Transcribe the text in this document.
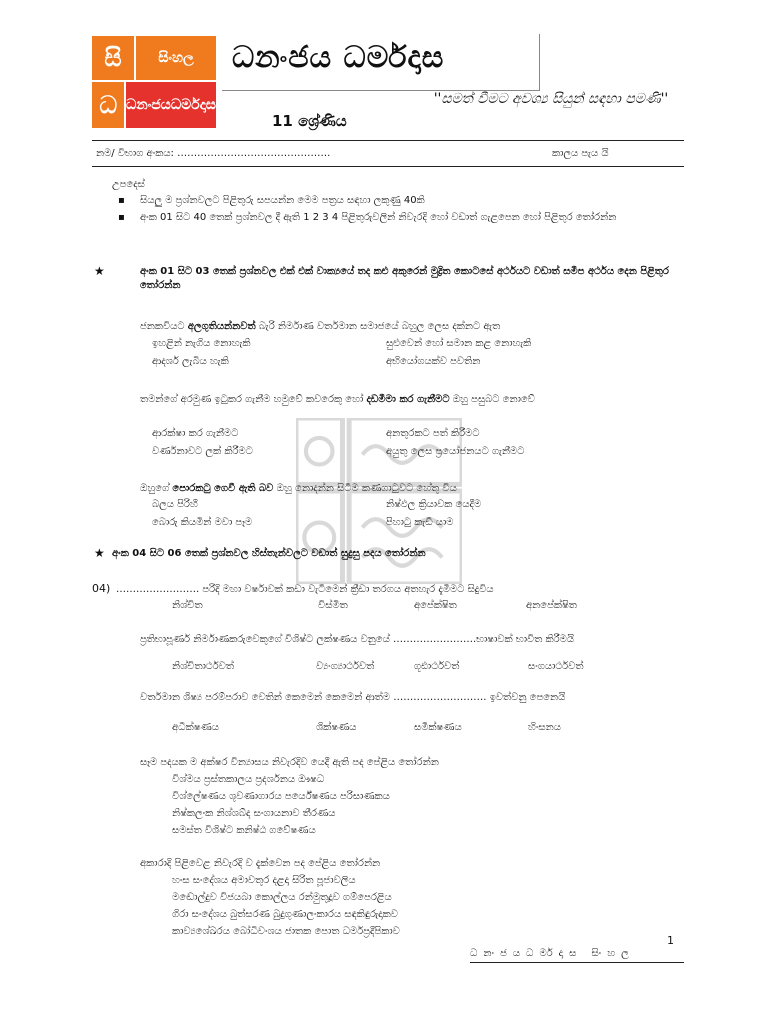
සි	සිංහල
ධ ධනංජය ධර්මදාස
ධනංජය ධර්මදාස
''සමත් වීමට අවශ්‍ය සියුන් සඳහා පමණි''
11 ශ්‍රේණිය
නම/ විභාග අංකය: ……………………………………….	කාලය පැය යි
උපදෙස්
▪ සියලු ම ප්‍රශ්නවලට පිළිතුරු සපයන්න මෙම පත්‍රය සඳහා ලකුණු 40කි
▪ අංක 01 සිට 40 තෙක් ප්‍රශ්නවල දී ඇති 1 2 3 4 පිළිතුරුවලින් නිවැරදි හෝ වඩාත් ගැළපෙන හෝ පිළිතුර තෝරන්න
★	අංක 01 සිට 03 තෙක් ප්‍රශ්නවල එක් එක් වාක්‍යයේ තද කළු අකුරෙන් මුද්‍රිත කොටසේ අර්ථයට වඩාත් සමීප අර්ථය දෙන පිළිතුර තෝරන්න
ජනකවියට අලගුතියන්නවත් බැරි නිර්මාණ වර්තමාන සමාජයේ බහුල ලෙස දක්නට ඇත
ඉහළින් නැගිය නොහැකි	සුළුවෙන් හෝ සමාන කළ නොහැකි
ආදර්ශ ලැබිය හැකි	අභියෝගයක්ව පවතින
තමන්ගේ අරමුණ ඉටුකර ගැනීම හමුවේ කවරෙකු හෝ දඩමීමා කර ගැනීමට ඔහු පසුබට නොවේ
ආරක්ෂා කර ගැනීමට	අනතුරකට පත් කිරීමට
වර්ණනාවට ලක් කිරීමට	අයුතු ලෙස ප්‍රයෝජනයට ගැනීමට
ඔහුගේ පොරකටු ගෙවී ඇති බව ඔහු නොදන්න සිටීම කණගාටුවට හේතු විය
බලය පිරිහී	නිෂ්ඵල ක්‍රියාවක යෙදීම
බොරු කියමින් මවා පෑම	පිහාටු කැඩී යාම
★ අංක 04 සිට 06 තෙක් ප්‍රශ්නවල හිස්තැන්වලට වඩාත් සුදුසු පදය තෝරන්න
04) ……………………. පරිදි මහා වර්ෂාවක් කඩා වැටීමෙන් ක්‍රීඩා තරගය අතහැර දැමීමට සිදුවිය
නිශ්චිත	විස්මිත	අපේක්ෂිත	අනපේක්ෂිත
ප්‍රතිභාපූර්ණ නිර්මාණකරුවෙකුගේ විශිෂ්ට ලක්ෂණය වනුයේ …………………….භාෂාවක් භාවිත කිරීමයි
නිශ්චිතාර්ථවත්	ව්‍යංග්‍යාර්ථවත්	ගූඪාර්ථවත්	සංගයාර්ථවත්
වර්තමාන ශිෂ්‍ය පරම්පරාව වෙතින් කෙමෙන් කෙමෙන් ආත්ම ………………………. ඉවත්වනු පෙනෙයි
අධීක්ෂණය	ශික්ෂණය	සමීක්ෂණය	හිංසනය
සෑම පදයක ම අක්ෂර වින්‍යාසය නිවැරදිව යෙදී ඇති පද පේළිය තෝරන්න
විශ්මය ප්‍රස්තකාලය ප්‍රදර්ශනය ඖෂධ
විශ්ලේෂණය ශුවණාගාරය පර්යේෂණය පරිසාණකය
නිෂ්කලංක නිශ්ශබ්ද සංගායනාව තීරණය
සමස්ත විශිෂ්ට කනිෂ්ඨ ගවේෂණය
අකාරාදි පිළිවෙළ නිවැරදි ව දැක්වෙන පද පේළිය තෝරන්න
හංස සංදේශය අමාවතුර දළදා සිරිත පූජාවලිය
මඬොල්දුව විජයබා කොල්ලය රන්මුතුදූව ගම්පෙරළිය
ගිරා සංදේශය බුත්සරණ බුදුගුණාලංකාරය සඳකිඳුරුදාකව
කාව්‍යශේඛරය බෝධිවංශය ජාතක පොත ධර්මප්‍රදීපිකාව
1
ධනංජයධර්මදාස සිංහල
